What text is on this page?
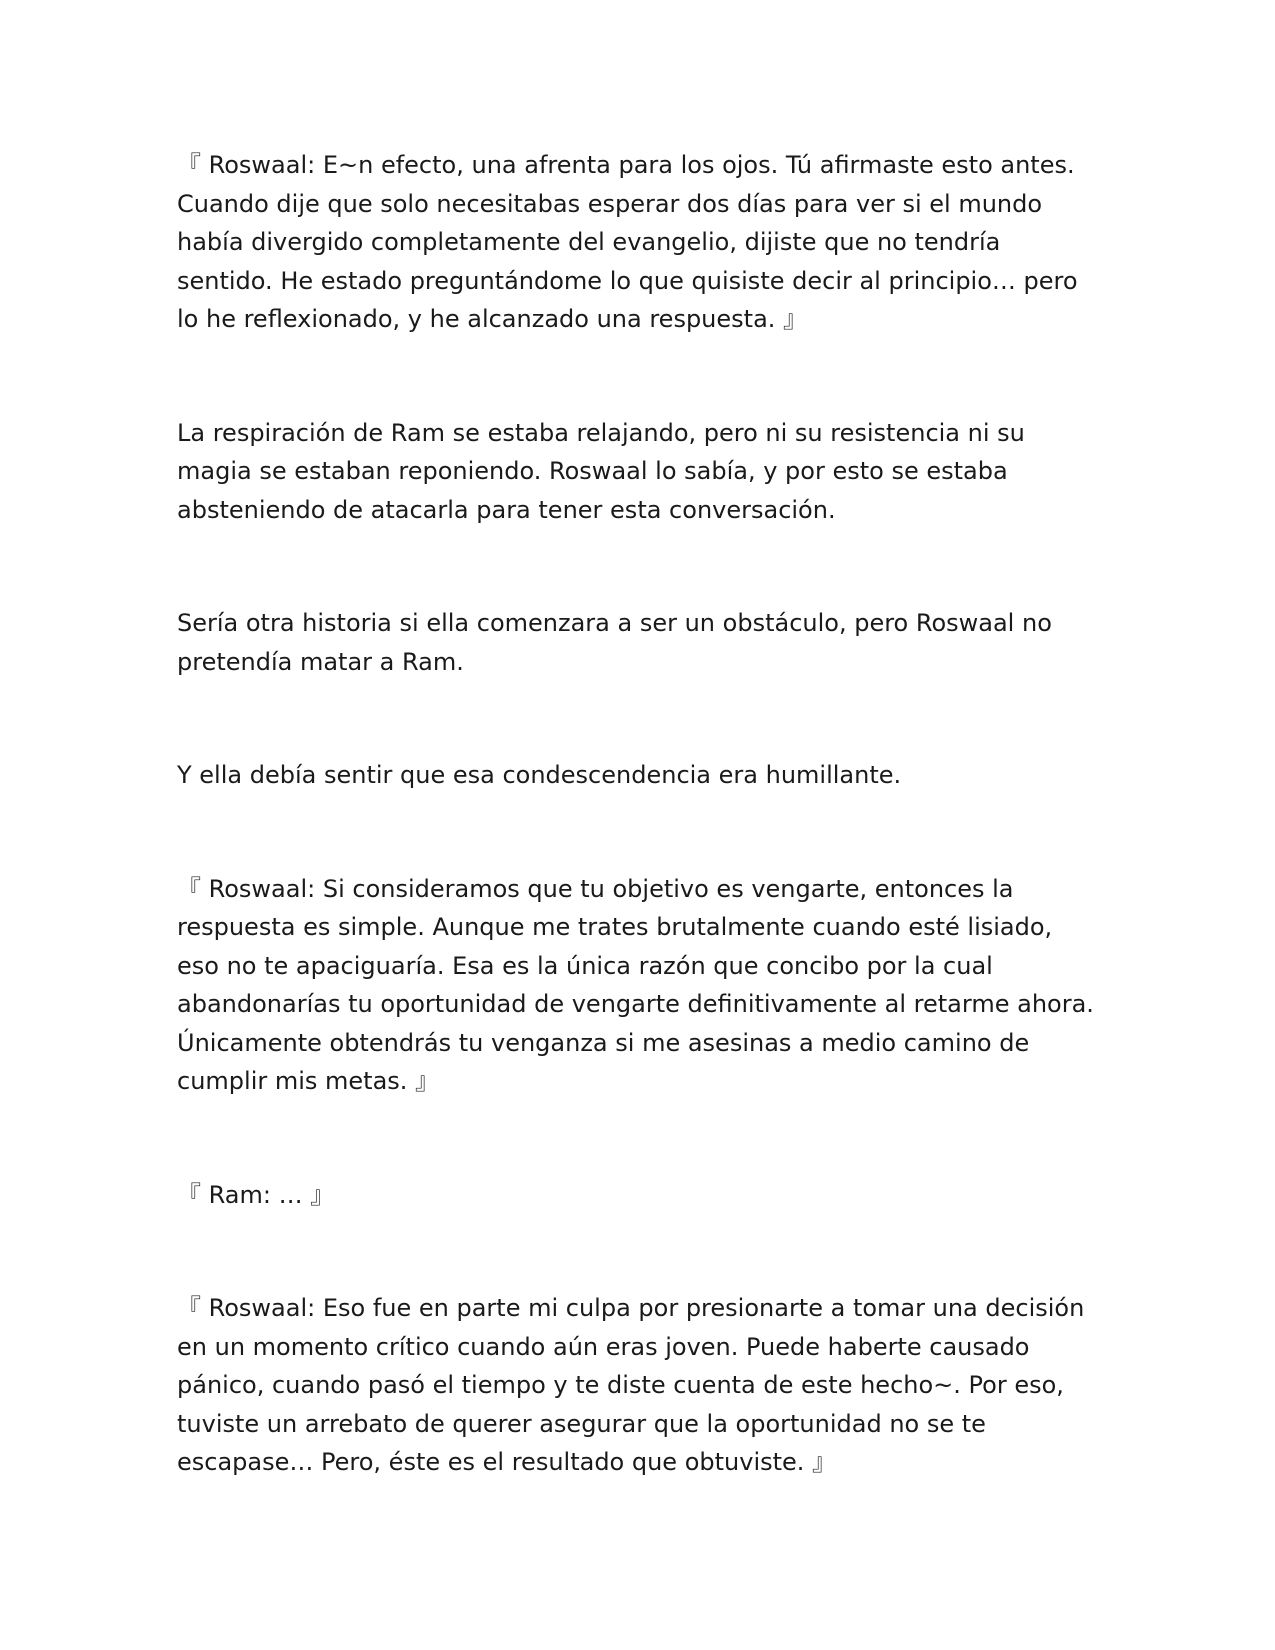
『 Roswaal: E~n efecto, una afrenta para los ojos. Tú afirmaste esto antes. Cuando dije que solo necesitabas esperar dos días para ver si el mundo había divergido completamente del evangelio, dijiste que no tendría sentido. He estado preguntándome lo que quisiste decir al principio… pero lo he reflexionado, y he alcanzado una respuesta. 』

La respiración de Ram se estaba relajando, pero ni su resistencia ni su magia se estaban reponiendo. Roswaal lo sabía, y por esto se estaba absteniendo de atacarla para tener esta conversación.

Sería otra historia si ella comenzara a ser un obstáculo, pero Roswaal no pretendía matar a Ram.

Y ella debía sentir que esa condescendencia era humillante.

『 Roswaal: Si consideramos que tu objetivo es vengarte, entonces la respuesta es simple. Aunque me trates brutalmente cuando esté lisiado, eso no te apaciguaría. Esa es la única razón que concibo por la cual abandonarías tu oportunidad de vengarte definitivamente al retarme ahora. Únicamente obtendrás tu venganza si me asesinas a medio camino de cumplir mis metas. 』

『 Ram: … 』

『 Roswaal: Eso fue en parte mi culpa por presionarte a tomar una decisión en un momento crítico cuando aún eras joven. Puede haberte causado pánico, cuando pasó el tiempo y te diste cuenta de este hecho~. Por eso, tuviste un arrebato de querer asegurar que la oportunidad no se te escapase… Pero, éste es el resultado que obtuviste. 』
